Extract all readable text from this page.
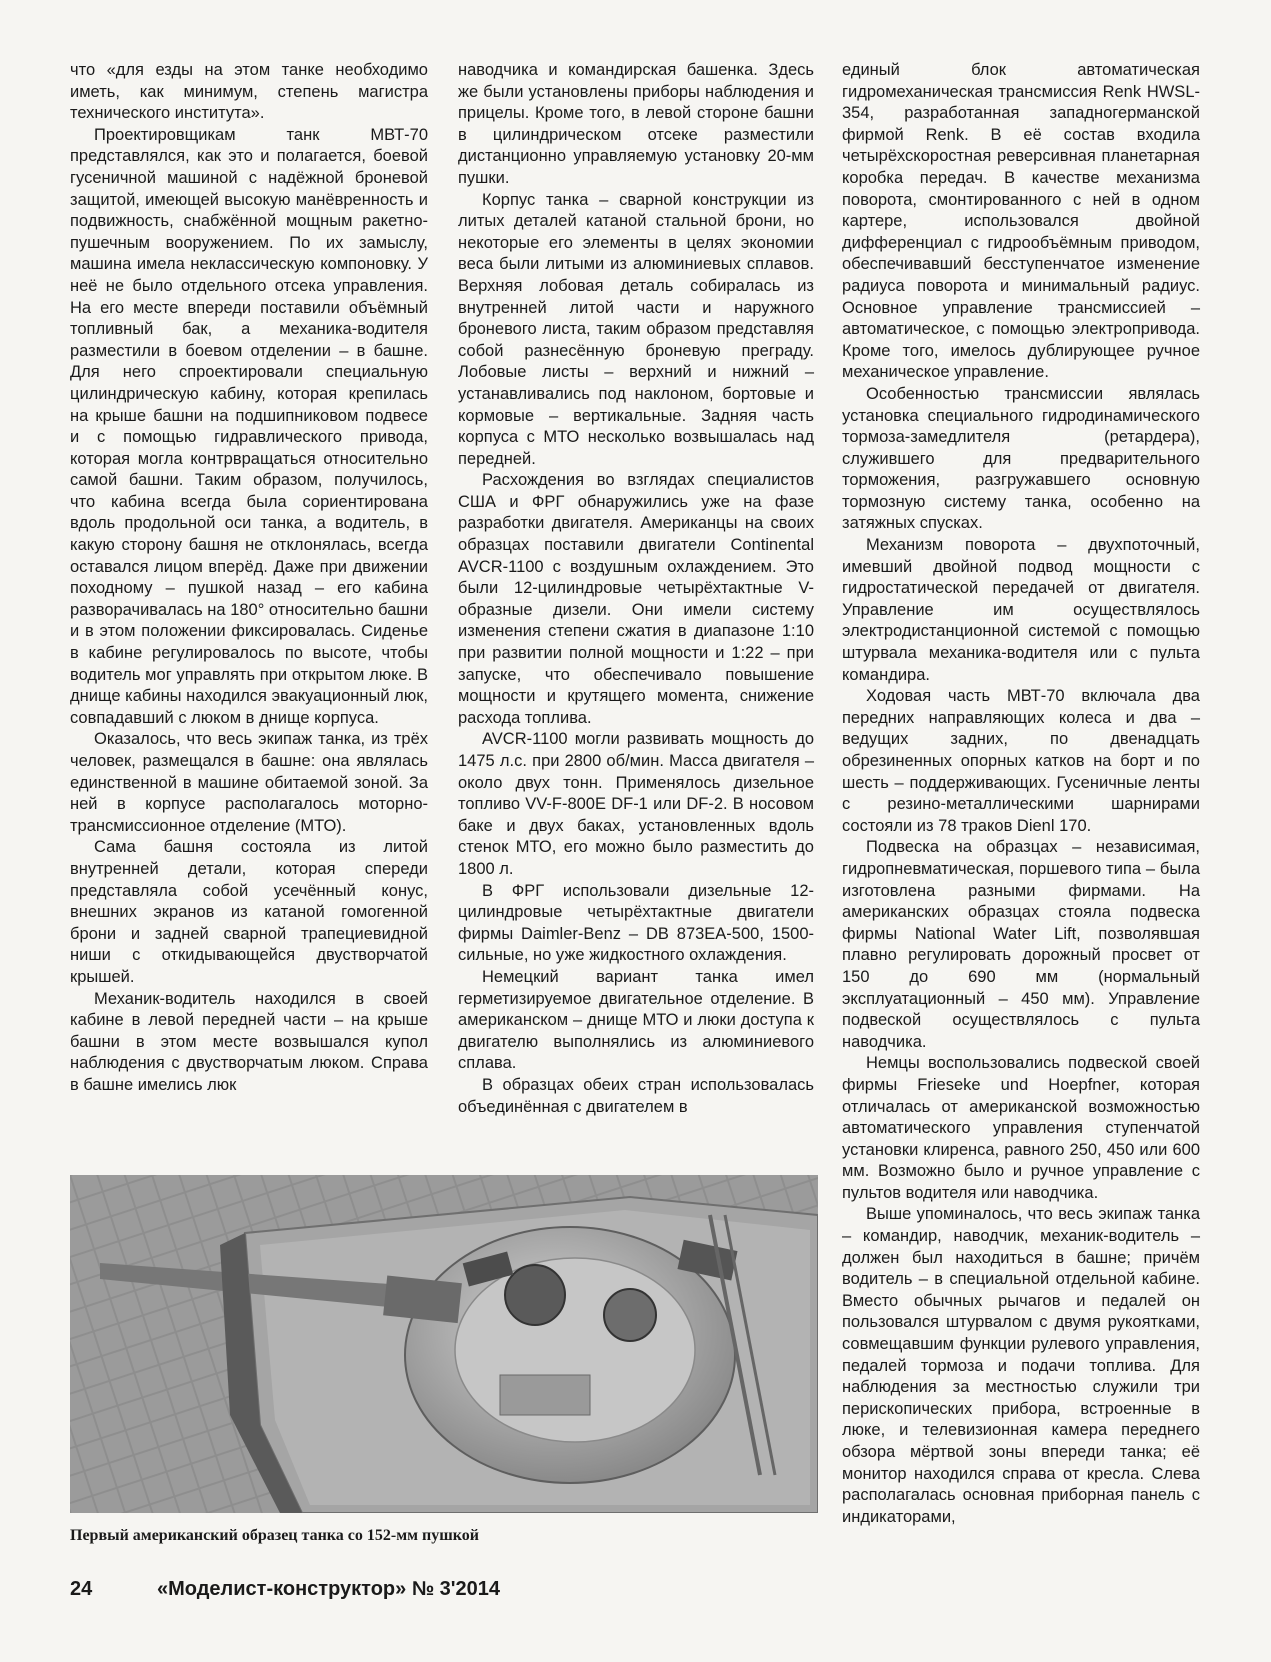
что «для езды на этом танке необходимо иметь, как минимум, степень магистра технического института».

Проектировщикам танк МВТ-70 представлялся, как это и полагается, боевой гусеничной машиной с надёжной броневой защитой, имеющей высокую манёвренность и подвижность, снабжённой мощным ракетно-пушечным вооружением. По их замыслу, машина имела неклассическую компоновку. У неё не было отдельного отсека управления. На его месте впереди поставили объёмный топливный бак, а механика-водителя разместили в боевом отделении – в башне. Для него спроектировали специальную цилиндрическую кабину, которая крепилась на крыше башни на подшипниковом подвесе и с помощью гидравлического привода, которая могла контрвращаться относительно самой башни. Таким образом, получилось, что кабина всегда была сориентирована вдоль продольной оси танка, а водитель, в какую сторону башня не отклонялась, всегда оставался лицом вперёд. Даже при движении походному – пушкой назад – его кабина разворачивалась на 180° относительно башни и в этом положении фиксировалась. Сиденье в кабине регулировалось по высоте, чтобы водитель мог управлять при открытом люке. В днище кабины находился эвакуационный люк, совпадавший с люком в днище корпуса.

Оказалось, что весь экипаж танка, из трёх человек, размещался в башне: она являлась единственной в машине обитаемой зоной. За ней в корпусе располагалось моторно-трансмиссионное отделение (МТО).

Сама башня состояла из литой внутренней детали, которая спереди представляла собой усечённый конус, внешних экранов из катаной гомогенной брони и задней сварной трапециевидной ниши с откидывающейся двустворчатой крышей.

Механик-водитель находился в своей кабине в левой передней части – на крыше башни в этом месте возвышался купол наблюдения с двустворчатым люком. Справа в башне имелись люк

наводчика и командирская башенка. Здесь же были установлены приборы наблюдения и прицелы. Кроме того, в левой стороне башни в цилиндрическом отсеке разместили дистанционно управляемую установку 20-мм пушки.

Корпус танка – сварной конструкции из литых деталей катаной стальной брони, но некоторые его элементы в целях экономии веса были литыми из алюминиевых сплавов. Верхняя лобовая деталь собиралась из внутренней литой части и наружного броневого листа, таким образом представляя собой разнесённую броневую преграду. Лобовые листы – верхний и нижний – устанавливались под наклоном, бортовые и кормовые – вертикальные. Задняя часть корпуса с МТО несколько возвышалась над передней.

Расхождения во взглядах специалистов США и ФРГ обнаружились уже на фазе разработки двигателя. Американцы на своих образцах поставили двигатели Continental AVCR-1100 с воздушным охлаждением. Это были 12-цилиндровые четырёхтактные V-образные дизели. Они имели систему изменения степени сжатия в диапазоне 1:10 при развитии полной мощности и 1:22 – при запуске, что обеспечивало повышение мощности и крутящего момента, снижение расхода топлива.

AVCR-1100 могли развивать мощность до 1475 л.с. при 2800 об/мин. Масса двигателя – около двух тонн. Применялось дизельное топливо VV-F-800E DF-1 или DF-2. В носовом баке и двух баках, установленных вдоль стенок МТО, его можно было разместить до 1800 л.

В ФРГ использовали дизельные 12-цилиндровые четырёхтактные двигатели фирмы Daimler-Benz – DB 873ЕА-500, 1500-сильные, но уже жидкостного охлаждения.

Немецкий вариант танка имел герметизируемое двигательное отделение. В американском – днище МТО и люки доступа к двигателю выполнялись из алюминиевого сплава.

В образцах обеих стран использовалась объединённая с двигателем в

единый блок автоматическая гидромеханическая трансмиссия Renk HWSL-354, разработанная западногерманской фирмой Renk. В её состав входила четырёхскоростная реверсивная планетарная коробка передач. В качестве механизма поворота, смонтированного с ней в одном картере, использовался двойной дифференциал с гидрообъёмным приводом, обеспечивавший бесступенчатое изменение радиуса поворота и минимальный радиус. Основное управление трансмиссией – автоматическое, с помощью электропривода. Кроме того, имелось дублирующее ручное механическое управление.

Особенностью трансмиссии являлась установка специального гидродинамического тормоза-замедлителя (ретардера), служившего для предварительного торможения, разгружавшего основную тормозную систему танка, особенно на затяжных спусках.

Механизм поворота – двухпоточный, имевший двойной подвод мощности с гидростатической передачей от двигателя. Управление им осуществлялось электродистанционной системой с помощью штурвала механика-водителя или с пульта командира.

Ходовая часть МВТ-70 включала два передних направляющих колеса и два – ведущих задних, по двенадцать обрезиненных опорных катков на борт и по шесть – поддерживающих. Гусеничные ленты с резино-металлическими шарнирами состояли из 78 траков Dienl 170.

Подвеска на образцах – независимая, гидропневматическая, поршевого типа – была изготовлена разными фирмами. На американских образцах стояла подвеска фирмы National Water Lift, позволявшая плавно регулировать дорожный просвет от 150 до 690 мм (нормальный эксплуатационный – 450 мм). Управление подвеской осуществлялось с пульта наводчика.

Немцы воспользовались подвеской своей фирмы Frieseke und Hoepfner, которая отличалась от американской возможностью автоматического управления ступенчатой установки клиренса, равного 250, 450 или 600 мм. Возможно было и ручное управление с пультов водителя или наводчика.

Выше упоминалось, что весь экипаж танка – командир, наводчик, механик-водитель – должен был находиться в башне; причём водитель – в специальной отдельной кабине. Вместо обычных рычагов и педалей он пользовался штурвалом с двумя рукоятками, совмещавшим функции рулевого управления, педалей тормоза и подачи топлива. Для наблюдения за местностью служили три перископических прибора, встроенные в люке, и телевизионная камера переднего обзора мёртвой зоны впереди танка; её монитор находился справа от кресла. Слева располагалась основная приборная панель с индикаторами,

Первый американский образец танка со 152-мм пушкой
24	«Моделист-конструктор» № 3'2014
